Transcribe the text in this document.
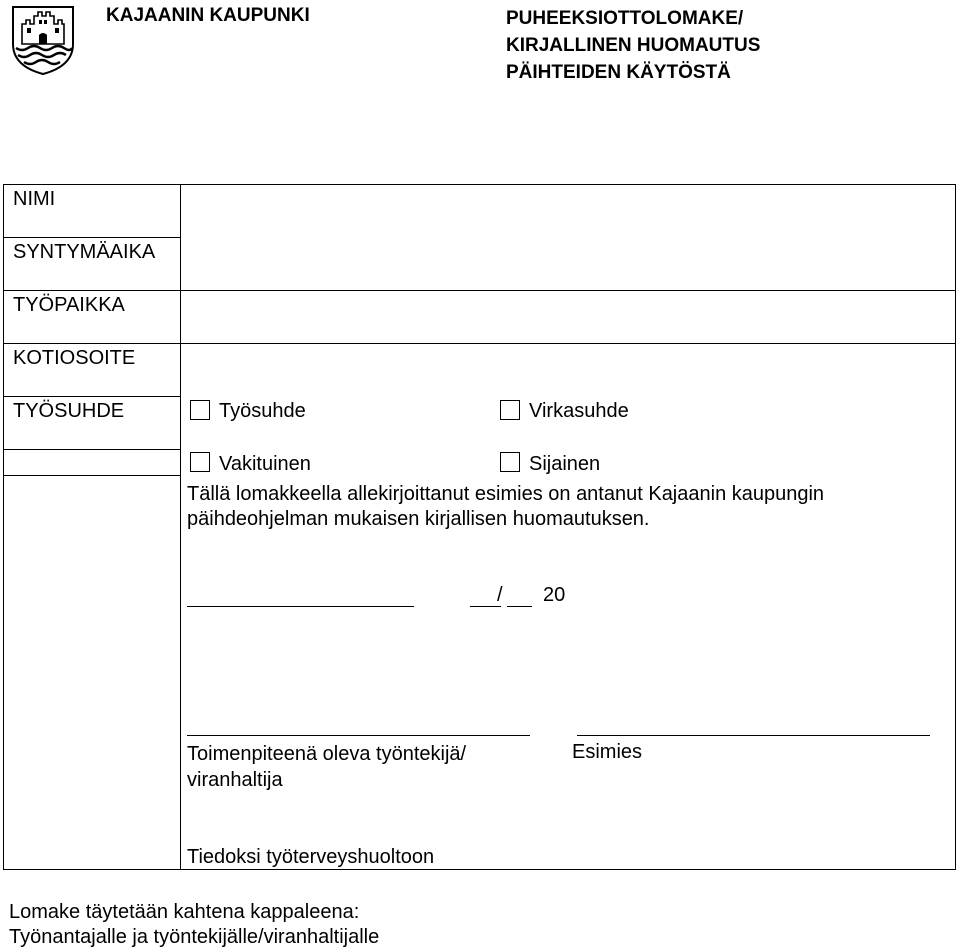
KAJAANIN KAUPUNKI	PUHEEKSIOTTOLOMAKE/
KIRJALLINEN HUOMAUTUS
PÄIHTEIDEN KÄYTÖSTÄ
NIMI
SYNTYMÄAIKA
TYÖPAIKKA
KOTIOSOITE
TYÖSUHDE	Työsuhde	Virkasuhde
Vakituinen	Sijainen
Tällä lomakkeella allekirjoittanut esimies on antanut Kajaanin kaupungin
päihdeohjelman mukaisen kirjallisen huomautuksen.
/ 20
Toimenpiteenä oleva työntekijä/
viranhaltija
Esimies
Tiedoksi työterveyshuoltoon
Lomake täytetään kahtena kappaleena:
Työnantajalle ja työntekijälle/viranhaltijalle
